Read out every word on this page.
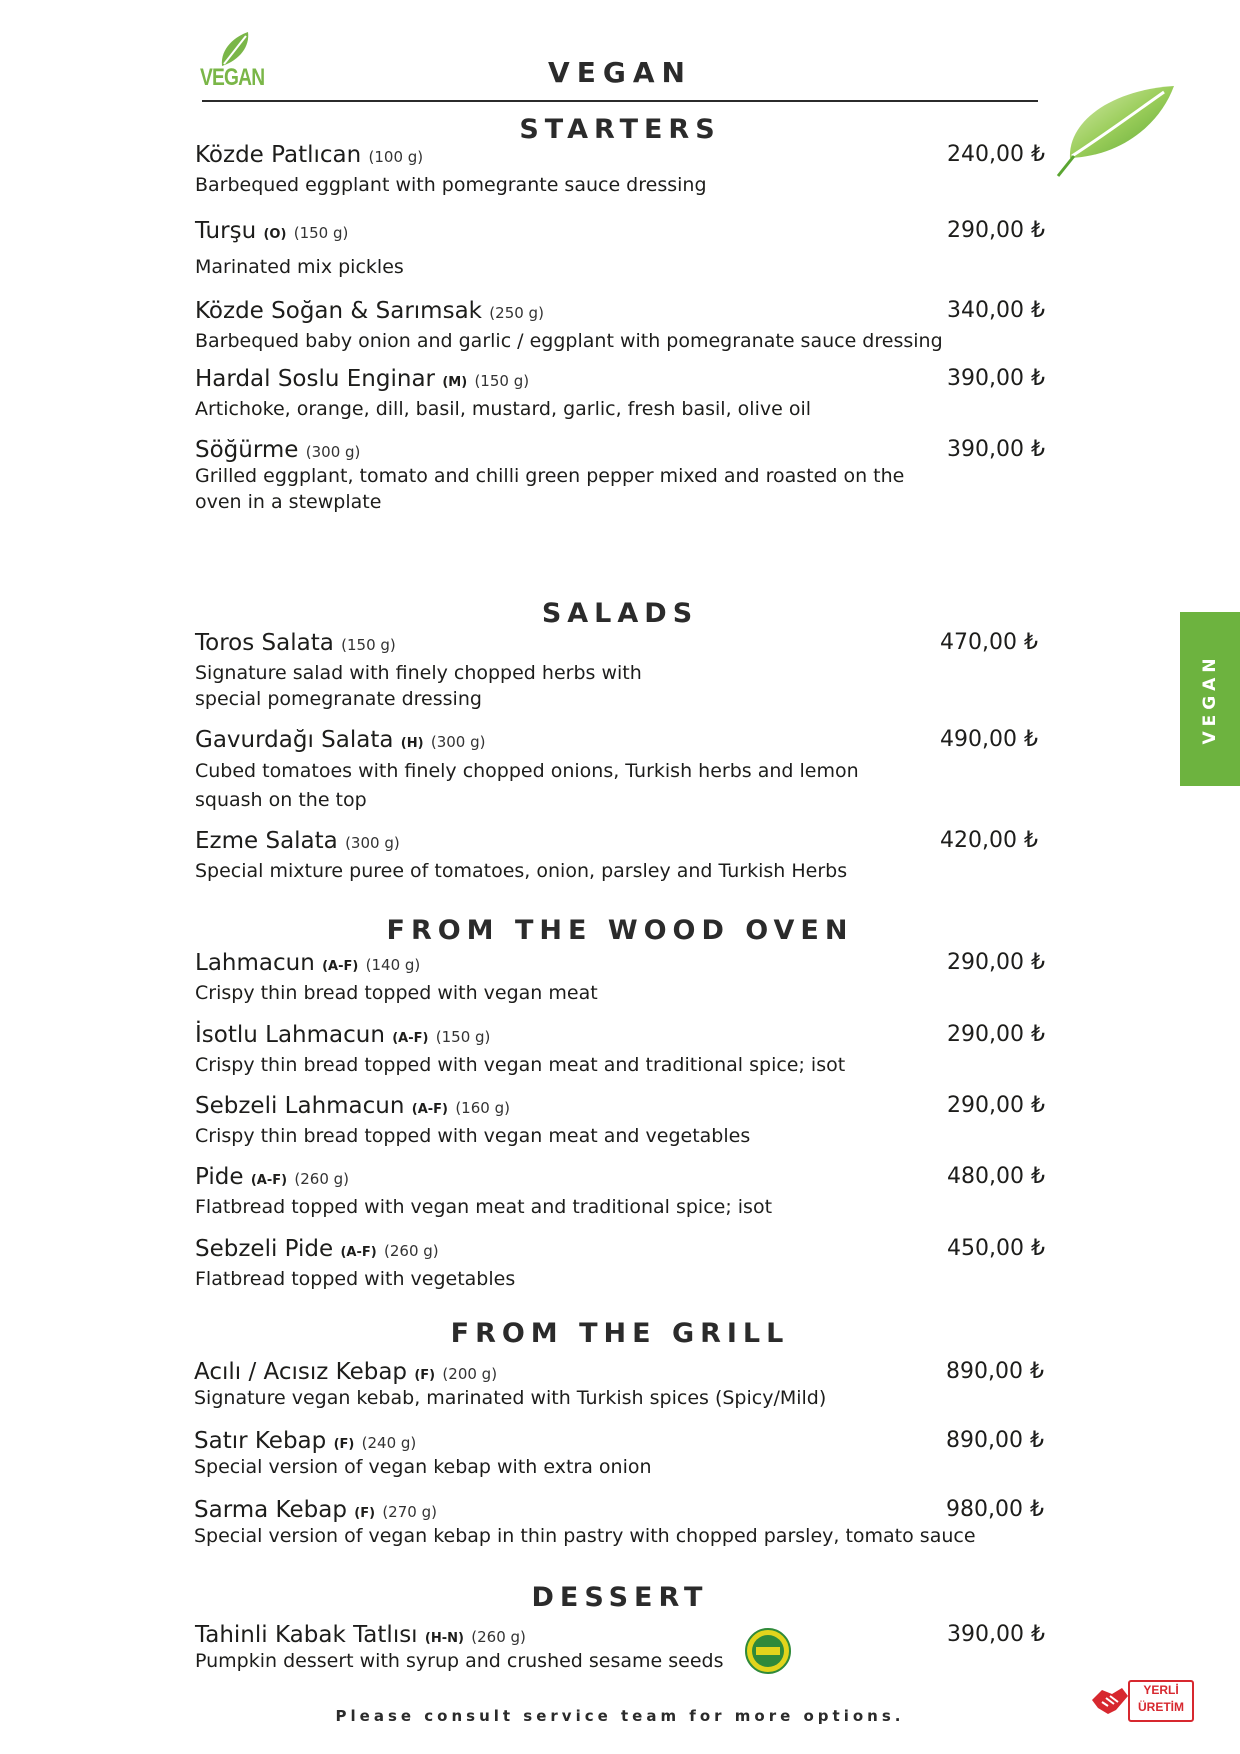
VEGAN	VEGAN
VEGAN
STARTERS
Közde Patlıcan (100 g)	240,00 ₺
Barbequed eggplant with pomegrante sauce dressing
Turşu (O) (150 g)	290,00 ₺
Marinated mix pickles
Közde Soğan & Sarımsak (250 g)	340,00 ₺
Barbequed baby onion and garlic / eggplant with pomegranate sauce dressing
Hardal Soslu Enginar (M) (150 g)	390,00 ₺
Artichoke, orange, dill, basil, mustard, garlic, fresh basil, olive oil
Söğürme (300 g)	390,00 ₺
Grilled eggplant, tomato and chilli green pepper mixed and roasted on the oven in a stewplate
SALADS
Toros Salata (150 g)	470,00 ₺
Signature salad with finely chopped herbs with special pomegranate dressing
Gavurdağı Salata (H) (300 g)	490,00 ₺
Cubed tomatoes with finely chopped onions, Turkish herbs and lemon squash on the top
Ezme Salata (300 g)	420,00 ₺
Special mixture puree of tomatoes, onion, parsley and Turkish Herbs
FROM THE WOOD OVEN
Lahmacun (A-F) (140 g)	290,00 ₺
Crispy thin bread topped with vegan meat
İsotlu Lahmacun (A-F) (150 g)	290,00 ₺
Crispy thin bread topped with vegan meat and traditional spice; isot
Sebzeli Lahmacun (A-F) (160 g)	290,00 ₺
Crispy thin bread topped with vegan meat and vegetables
Pide (A-F) (260 g)	480,00 ₺
Flatbread topped with vegan meat and traditional spice; isot
Sebzeli Pide (A-F) (260 g)	450,00 ₺
Flatbread topped with vegetables
FROM THE GRILL
Acılı / Acısız Kebap (F) (200 g)	890,00 ₺
Signature vegan kebab, marinated with Turkish spices (Spicy/Mild)
Satır Kebap (F) (240 g)	890,00 ₺
Special version of vegan kebap with extra onion
Sarma Kebap (F) (270 g)	980,00 ₺
Special version of vegan kebap in thin pastry with chopped parsley, tomato sauce
DESSERT
Tahinli Kabak Tatlısı (H-N) (260 g)	390,00 ₺
Pumpkin dessert with syrup and crushed sesame seeds
Please consult service team for more options.
YERLİ
ÜRETİM
